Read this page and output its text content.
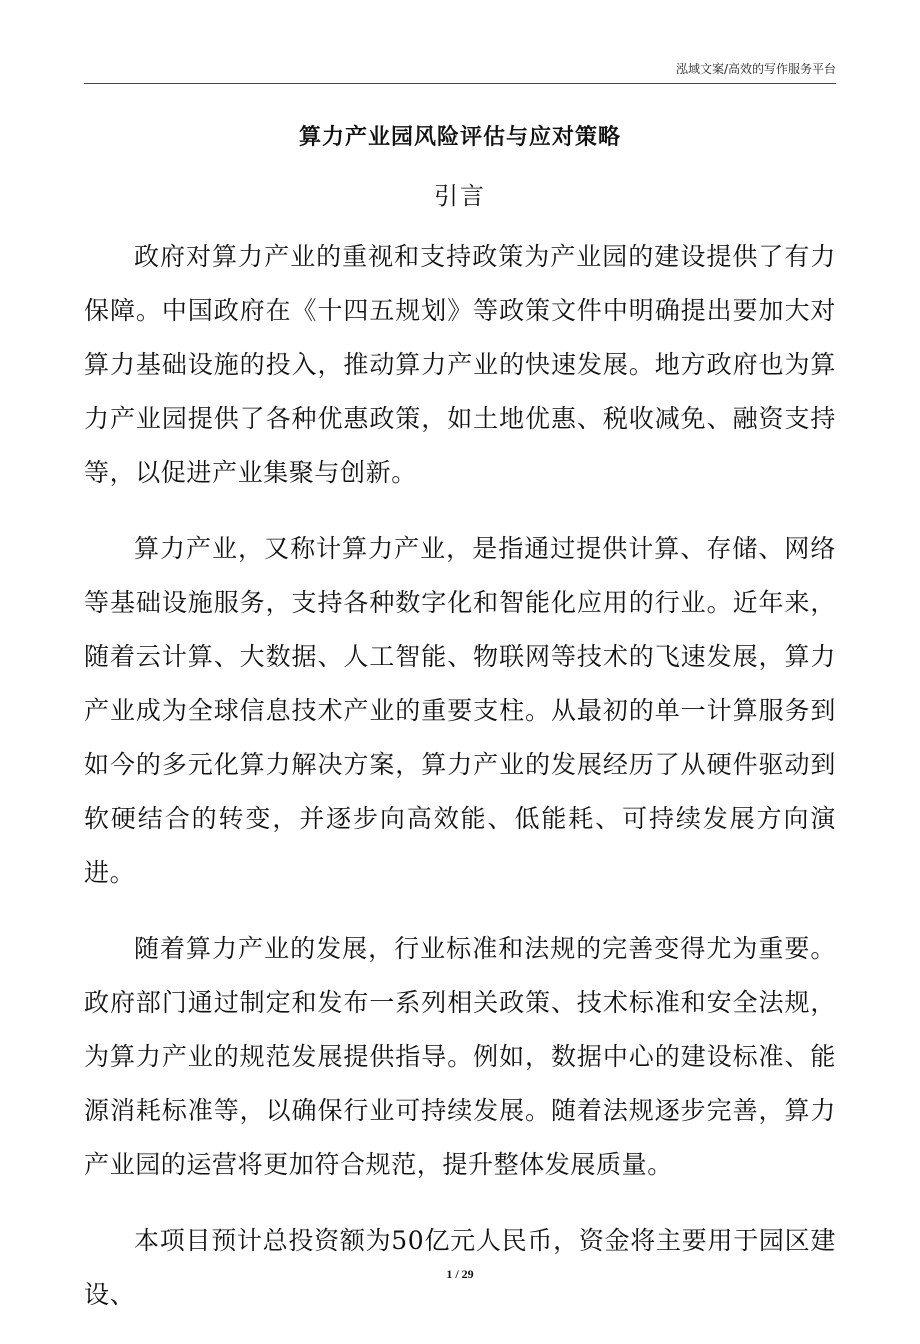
泓域文案/高效的写作服务平台
算力产业园风险评估与应对策略
引言

政府对算力产业的重视和支持政策为产业园的建设提供了有力保障。中国政府在《十四五规划》等政策文件中明确提出要加大对算力基础设施的投入，推动算力产业的快速发展。地方政府也为算力产业园提供了各种优惠政策，如土地优惠、税收减免、融资支持等，以促进产业集聚与创新。

算力产业，又称计算力产业，是指通过提供计算、存储、网络等基础设施服务，支持各种数字化和智能化应用的行业。近年来，随着云计算、大数据、人工智能、物联网等技术的飞速发展，算力产业成为全球信息技术产业的重要支柱。从最初的单一计算服务到如今的多元化算力解决方案，算力产业的发展经历了从硬件驱动到软硬结合的转变，并逐步向高效能、低能耗、可持续发展方向演进。

随着算力产业的发展，行业标准和法规的完善变得尤为重要。政府部门通过制定和发布一系列相关政策、技术标准和安全法规，为算力产业的规范发展提供指导。例如，数据中心的建设标准、能源消耗标准等，以确保行业可持续发展。随着法规逐步完善，算力产业园的运营将更加符合规范，提升整体发展质量。

本项目预计总投资额为50亿元人民币，资金将主要用于园区建设、

1 / 29
